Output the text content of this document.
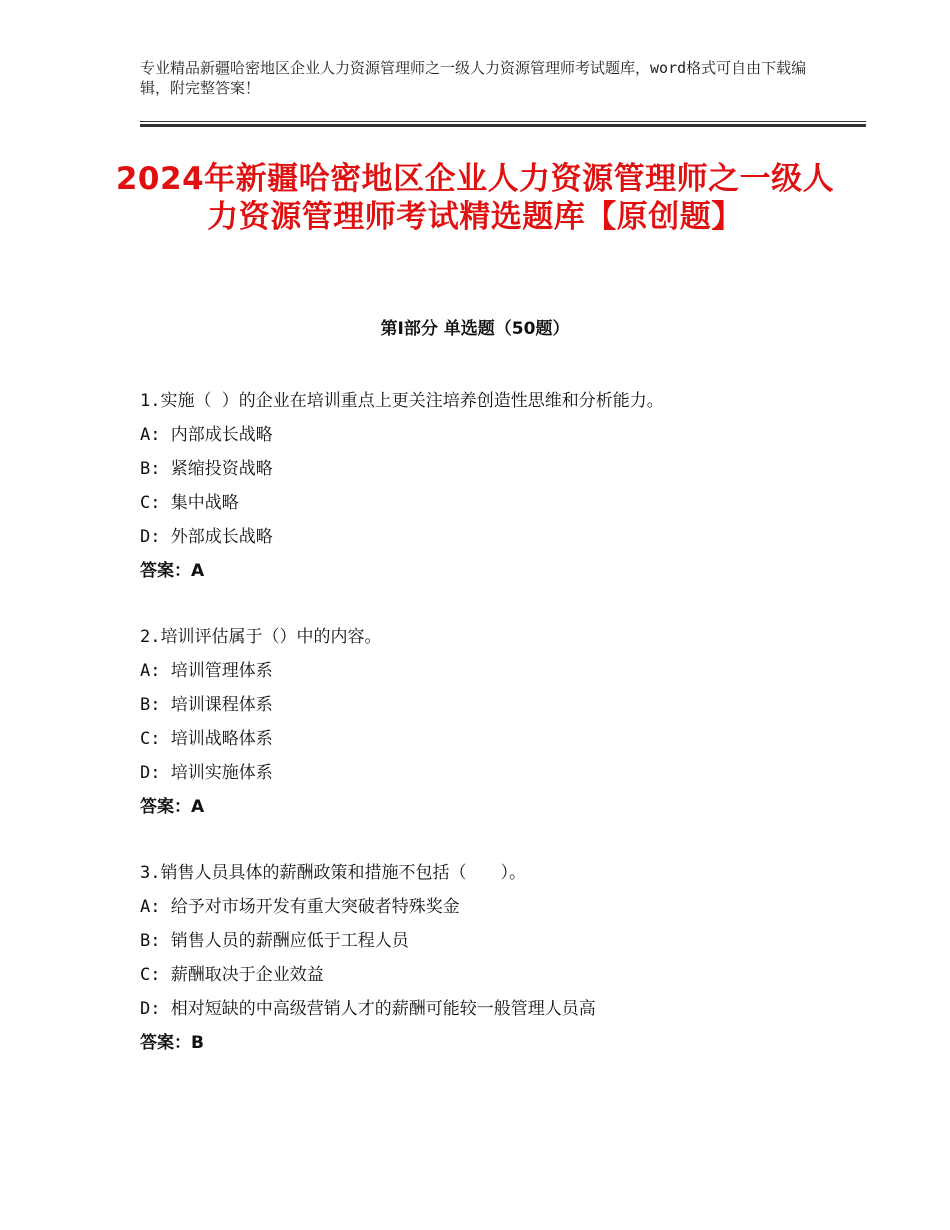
专业精品新疆哈密地区企业人力资源管理师之一级人力资源管理师考试题库，word格式可自由下载编辑，附完整答案！
2024年新疆哈密地区企业人力资源管理师之一级人力资源管理师考试精选题库【原创题】
第Ⅰ部分 单选题（50题）
1.实施（ ）的企业在培训重点上更关注培养创造性思维和分析能力。
A: 内部成长战略
B: 紧缩投资战略
C: 集中战略
D: 外部成长战略
答案：A
2.培训评估属于（）中的内容。
A: 培训管理体系
B: 培训课程体系
C: 培训战略体系
D: 培训实施体系
答案：A
3.销售人员具体的薪酬政策和措施不包括（　　）。
A: 给予对市场开发有重大突破者特殊奖金
B: 销售人员的薪酬应低于工程人员
C: 薪酬取决于企业效益
D: 相对短缺的中高级营销人才的薪酬可能较一般管理人员高
答案：B
